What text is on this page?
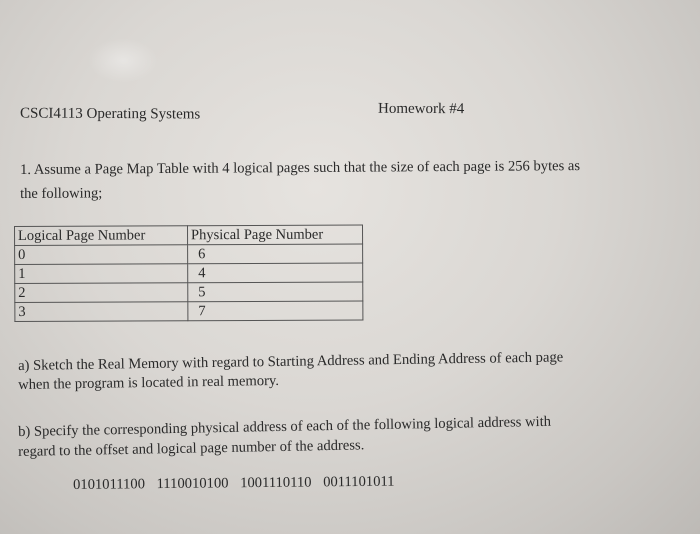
CSCI4113 Operating Systems	Homework #4
1. Assume a Page Map Table with 4 logical pages such that the size of each page is 256 bytes as
the following;
Logical Page Number	Physical Page Number
0	6
1	4
2	5
3	7
a) Sketch the Real Memory with regard to Starting Address and Ending Address of each page
when the program is located in real memory.
b) Specify the corresponding physical address of each of the following logical address with
regard to the offset and logical page number of the address.
0101011100 1110010100 1001110110 0011101011
